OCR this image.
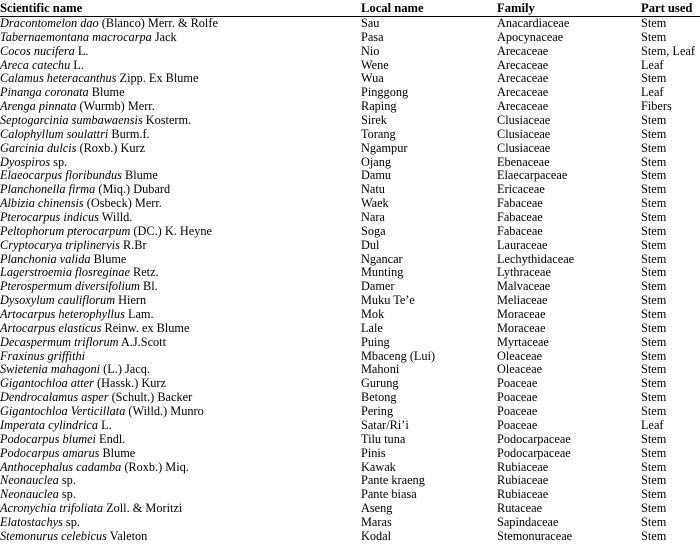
Scientific name	Local name	Family	Part used
Dracontomelon dao (Blanco) Merr. & Rolfe	Sau	Anacardiaceae	Stem
Tabernaemontana macrocarpa Jack	Pasa	Apocynaceae	Stem
Cocos nucifera L.	Nio	Arecaceae	Stem, Leaf
Areca catechu L.	Wene	Arecaceae	Leaf
Calamus heteracanthus Zipp. Ex Blume	Wua	Arecaceae	Stem
Pinanga coronata Blume	Pinggong	Arecaceae	Leaf
Arenga pinnata (Wurmb) Merr.	Raping	Arecaceae	Fibers
Septogarcinia sumbawaensis Kosterm.	Sirek	Clusiaceae	Stem
Calophyllum soulattri Burm.f.	Torang	Clusiaceae	Stem
Garcinia dulcis (Roxb.) Kurz	Ngampur	Clusiaceae	Stem
Dyospiros sp.	Ojang	Ebenaceae	Stem
Elaeocarpus floribundus Blume	Damu	Elaecarpaceae	Stem
Planchonella firma (Miq.) Dubard	Natu	Ericaceae	Stem
Albizia chinensis (Osbeck) Merr.	Waek	Fabaceae	Stem
Pterocarpus indicus Willd.	Nara	Fabaceae	Stem
Peltophorum pterocarpum (DC.) K. Heyne	Soga	Fabaceae	Stem
Cryptocarya triplinervis R.Br	Dul	Lauraceae	Stem
Planchonia valida Blume	Ngancar	Lechythidaceae	Stem
Lagerstroemia flosreginae Retz.	Munting	Lythraceae	Stem
Pterospermum diversifolium Bl.	Damer	Malvaceae	Stem
Dysoxylum cauliflorum Hiern	Muku Te’e	Meliaceae	Stem
Artocarpus heterophyllus Lam.	Mok	Moraceae	Stem
Artocarpus elasticus Reinw. ex Blume	Lale	Moraceae	Stem
Decaspermum triflorum A.J.Scott	Puing	Myrtaceae	Stem
Fraxinus griffithi	Mbaceng (Lui)	Oleaceae	Stem
Swietenia mahagoni (L.) Jacq.	Mahoni	Oleaceae	Stem
Gigantochloa atter (Hassk.) Kurz	Gurung	Poaceae	Stem
Dendrocalamus asper (Schult.) Backer	Betong	Poaceae	Stem
Gigantochloa Verticillata (Willd.) Munro	Pering	Poaceae	Stem
Imperata cylindrica L.	Satar/Ri’i	Poaceae	Leaf
Podocarpus blumei Endl.	Tilu tuna	Podocarpaceae	Stem
Podocarpus amarus Blume	Pinis	Podocarpaceae	Stem
Anthocephalus cadamba (Roxb.) Miq.	Kawak	Rubiaceae	Stem
Neonauclea sp.	Pante kraeng	Rubiaceae	Stem
Neonauclea sp.	Pante biasa	Rubiaceae	Stem
Acronychia trifoliata Zoll. & Moritzi	Aseng	Rutaceae	Stem
Elatostachys sp.	Maras	Sapindaceae	Stem
Stemonurus celebicus Valeton	Kodal	Stemonuraceae	Stem
